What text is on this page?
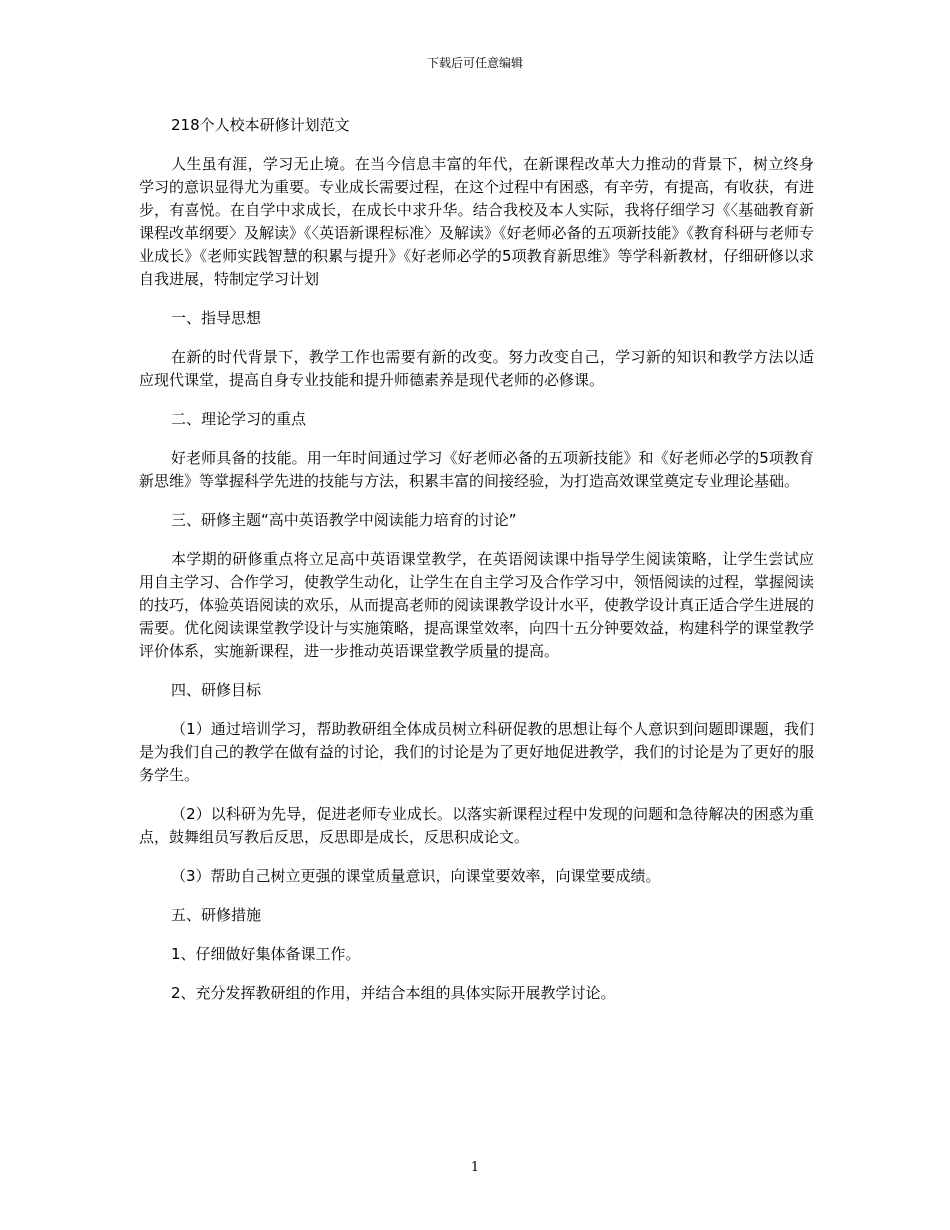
下载后可任意编辑

218个人校本研修计划范文

人生虽有涯，学习无止境。在当今信息丰富的年代，在新课程改革大力推动的背景下，树立终身学习的意识显得尤为重要。专业成长需要过程，在这个过程中有困惑，有辛劳，有提高，有收获，有进步，有喜悦。在自学中求成长，在成长中求升华。结合我校及本人实际，我将仔细学习《〈基础教育新课程改革纲要〉及解读》《〈英语新课程标准〉及解读》《好老师必备的五项新技能》《教育科研与老师专业成长》《老师实践智慧的积累与提升》《好老师必学的5项教育新思维》等学科新教材，仔细研修以求自我进展，特制定学习计划

一、指导思想

在新的时代背景下，教学工作也需要有新的改变。努力改变自己，学习新的知识和教学方法以适应现代课堂，提高自身专业技能和提升师德素养是现代老师的必修课。

二、理论学习的重点

好老师具备的技能。用一年时间通过学习《好老师必备的五项新技能》和《好老师必学的5项教育新思维》等掌握科学先进的技能与方法，积累丰富的间接经验，为打造高效课堂奠定专业理论基础。

三、研修主题“高中英语教学中阅读能力培育的讨论”

本学期的研修重点将立足高中英语课堂教学，在英语阅读课中指导学生阅读策略，让学生尝试应用自主学习、合作学习，使教学生动化，让学生在自主学习及合作学习中，领悟阅读的过程，掌握阅读的技巧，体验英语阅读的欢乐，从而提高老师的阅读课教学设计水平，使教学设计真正适合学生进展的需要。优化阅读课堂教学设计与实施策略，提高课堂效率，向四十五分钟要效益，构建科学的课堂教学评价体系，实施新课程，进一步推动英语课堂教学质量的提高。

四、研修目标

（1）通过培训学习，帮助教研组全体成员树立科研促教的思想让每个人意识到问题即课题，我们是为我们自己的教学在做有益的讨论，我们的讨论是为了更好地促进教学，我们的讨论是为了更好的服务学生。

（2）以科研为先导，促进老师专业成长。以落实新课程过程中发现的问题和急待解决的困惑为重点，鼓舞组员写教后反思，反思即是成长，反思积成论文。

（3）帮助自己树立更强的课堂质量意识，向课堂要效率，向课堂要成绩。

五、研修措施

1、仔细做好集体备课工作。

2、充分发挥教研组的作用，并结合本组的具体实际开展教学讨论。

1
